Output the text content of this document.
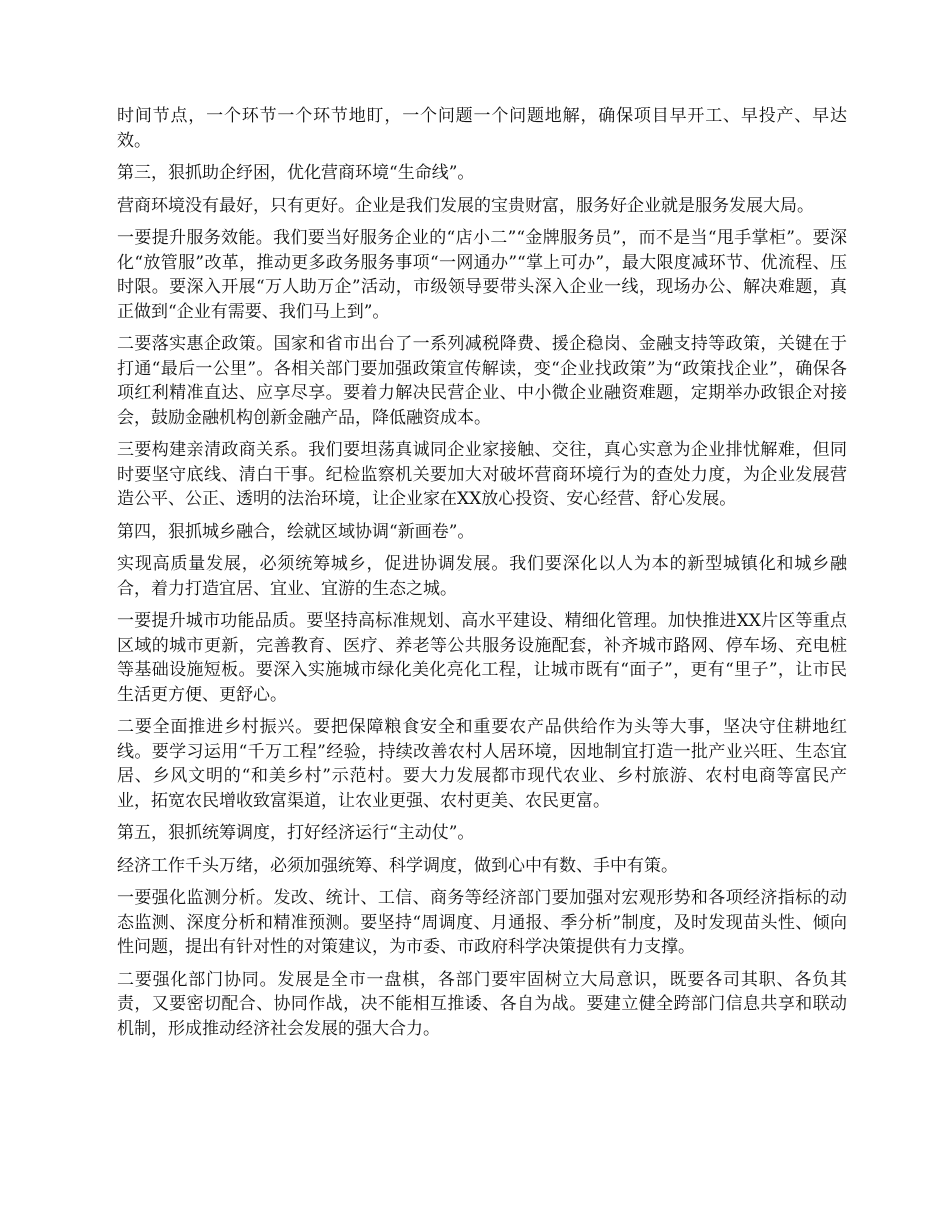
时间节点，一个环节一个环节地盯，一个问题一个问题地解，确保项目早开工、早投产、早达效。

第三，狠抓助企纾困，优化营商环境“生命线”。

营商环境没有最好，只有更好。企业是我们发展的宝贵财富，服务好企业就是服务发展大局。

一要提升服务效能。我们要当好服务企业的“店小二”“金牌服务员”，而不是当“甩手掌柜”。要深化“放管服”改革，推动更多政务服务事项“一网通办”“掌上可办”，最大限度减环节、优流程、压时限。要深入开展“万人助万企”活动，市级领导要带头深入企业一线，现场办公、解决难题，真正做到“企业有需要、我们马上到”。

二要落实惠企政策。国家和省市出台了一系列减税降费、援企稳岗、金融支持等政策，关键在于打通“最后一公里”。各相关部门要加强政策宣传解读，变“企业找政策”为“政策找企业”，确保各项红利精准直达、应享尽享。要着力解决民营企业、中小微企业融资难题，定期举办政银企对接会，鼓励金融机构创新金融产品，降低融资成本。

三要构建亲清政商关系。我们要坦荡真诚同企业家接触、交往，真心实意为企业排忧解难，但同时要坚守底线、清白干事。纪检监察机关要加大对破坏营商环境行为的查处力度，为企业发展营造公平、公正、透明的法治环境，让企业家在XX放心投资、安心经营、舒心发展。

第四，狠抓城乡融合，绘就区域协调“新画卷”。

实现高质量发展，必须统筹城乡，促进协调发展。我们要深化以人为本的新型城镇化和城乡融合，着力打造宜居、宜业、宜游的生态之城。

一要提升城市功能品质。要坚持高标准规划、高水平建设、精细化管理。加快推进XX片区等重点区域的城市更新，完善教育、医疗、养老等公共服务设施配套，补齐城市路网、停车场、充电桩等基础设施短板。要深入实施城市绿化美化亮化工程，让城市既有“面子”，更有“里子”，让市民生活更方便、更舒心。

二要全面推进乡村振兴。要把保障粮食安全和重要农产品供给作为头等大事，坚决守住耕地红线。要学习运用“千万工程”经验，持续改善农村人居环境，因地制宜打造一批产业兴旺、生态宜居、乡风文明的“和美乡村”示范村。要大力发展都市现代农业、乡村旅游、农村电商等富民产业，拓宽农民增收致富渠道，让农业更强、农村更美、农民更富。

第五，狠抓统筹调度，打好经济运行“主动仗”。

经济工作千头万绪，必须加强统筹、科学调度，做到心中有数、手中有策。

一要强化监测分析。发改、统计、工信、商务等经济部门要加强对宏观形势和各项经济指标的动态监测、深度分析和精准预测。要坚持“周调度、月通报、季分析”制度，及时发现苗头性、倾向性问题，提出有针对性的对策建议，为市委、市政府科学决策提供有力支撑。

二要强化部门协同。发展是全市一盘棋，各部门要牢固树立大局意识，既要各司其职、各负其责，又要密切配合、协同作战，决不能相互推诿、各自为战。要建立健全跨部门信息共享和联动机制，形成推动经济社会发展的强大合力。
